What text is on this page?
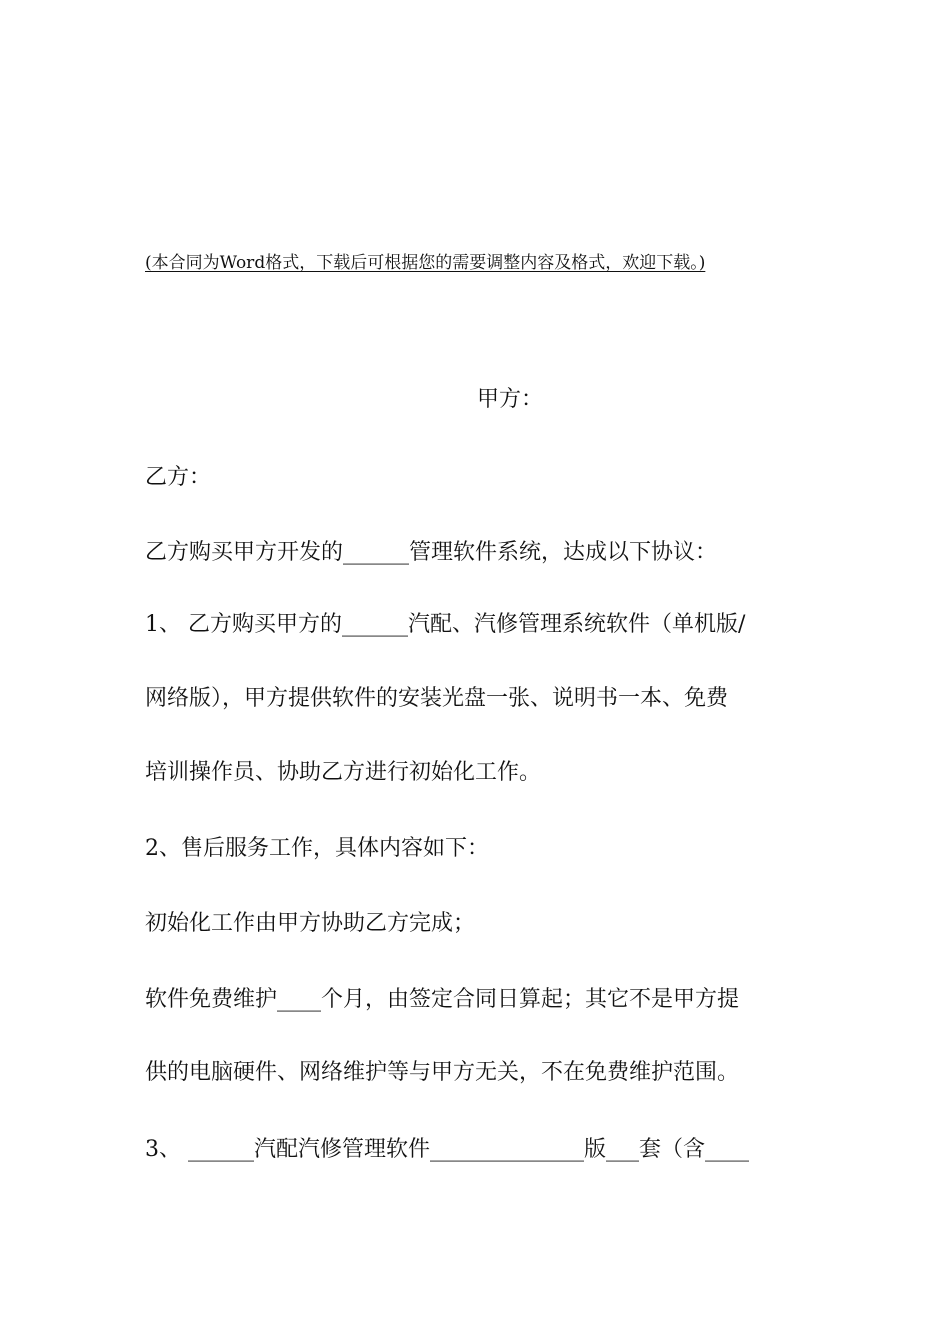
(本合同为Word格式，下载后可根据您的需要调整内容及格式，欢迎下载。)
甲方：
乙方：
乙方购买甲方开发的______管理软件系统，达成以下协议：
1、 乙方购买甲方的______汽配、汽修管理系统软件（单机版/
网络版），甲方提供软件的安装光盘一张、说明书一本、免费
培训操作员、协助乙方进行初始化工作。
2、售后服务工作，具体内容如下：
初始化工作由甲方协助乙方完成；
软件免费维护____个月，由签定合同日算起；其它不是甲方提
供的电脑硬件、网络维护等与甲方无关，不在免费维护范围。
3、 ______汽配汽修管理软件______________版___套（含____
